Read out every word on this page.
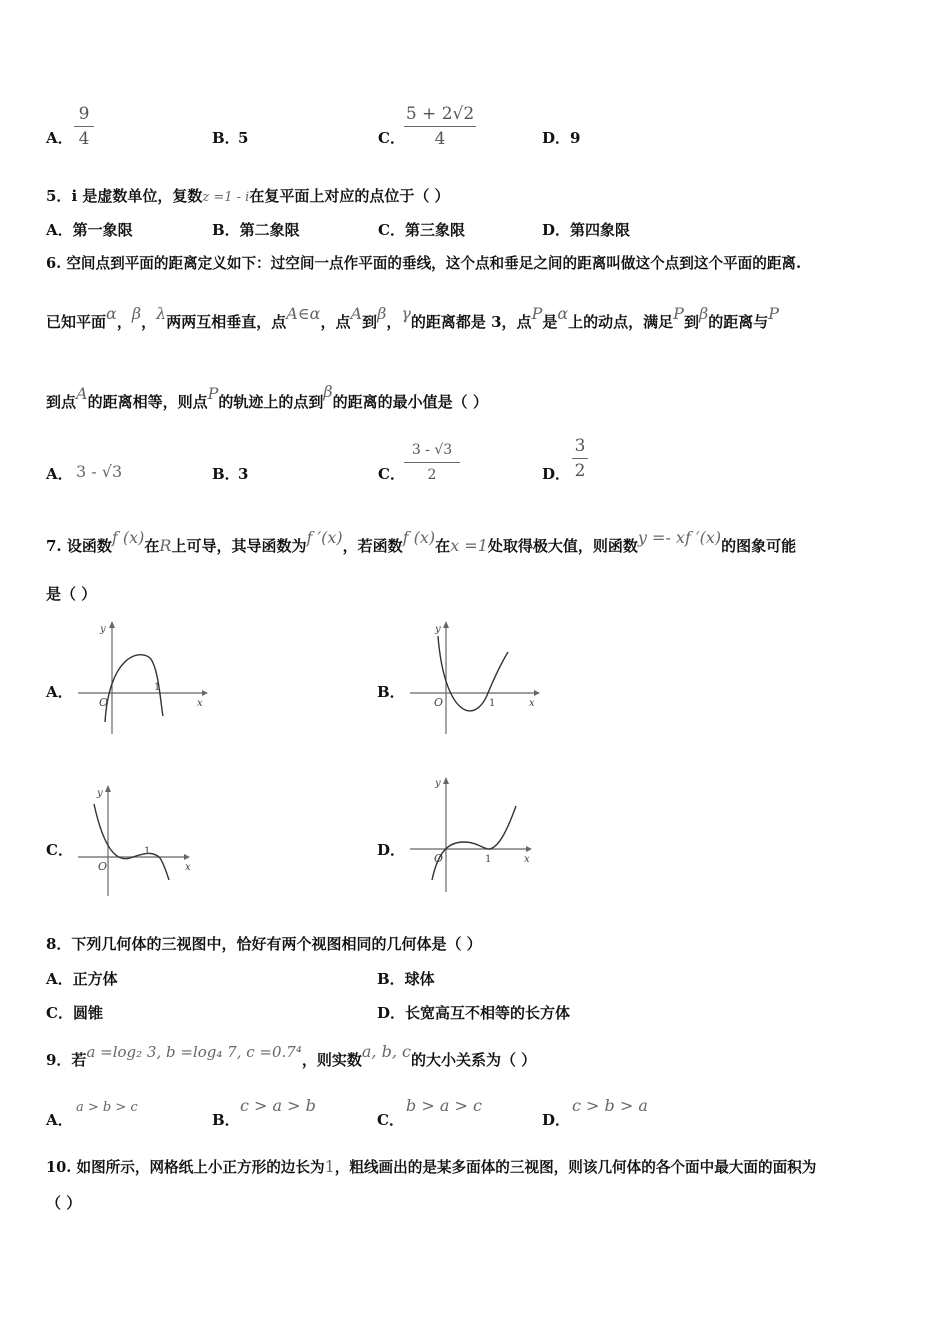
A．
9
4	B．
5	C．
5 + 2√2
4	D． 9
5．i 是虚数单位，复数z =1 - i在复平面上对应的点位于（ ）
A．第一象限	B．第二象限	C．第三象限	D．第四象限
6. 空间点到平面的距离定义如下：过空间一点作平面的垂线，这个点和垂足之间的距离叫做这个点到这个平面的距离.
已知平面α，β，λ两两互相垂直，点A∈α，点A到β，γ的距离都是 3，点P是α上的动点，满足P到β的距离与P
到点A的距离相等，则点P的轨迹上的点到β的距离的最小值是（ ）
A． 3 - √3	B．
3	C．
3 - √3
2	D．
3
2
7. 设函数f (x)在R上可导，其导函数为f ′(x)，若函数f (x)在x =1处取得极大值，则函数y =- xf ′(x)的图象可能
是（ ）
A．	B．
C．	D．
y
x
O
1
y
x
O	1
y
x
O
1
y
x
O	1
8．下列几何体的三视图中，恰好有两个视图相同的几何体是（ ）
A．正方体	B．球体
C．圆锥	D．长宽高互不相等的长方体
9．若a =log₂ 3, b =log₄ 7, c =0.7⁴，则实数a, b, c的大小关系为（ ）
A．
a > b > c
B．
c > a > b
C．
b > a > c
D．
c > b > a
10. 如图所示，网格纸上小正方形的边长为1，粗线画出的是某多面体的三视图，则该几何体的各个面中最大面的面积为
（ ）
